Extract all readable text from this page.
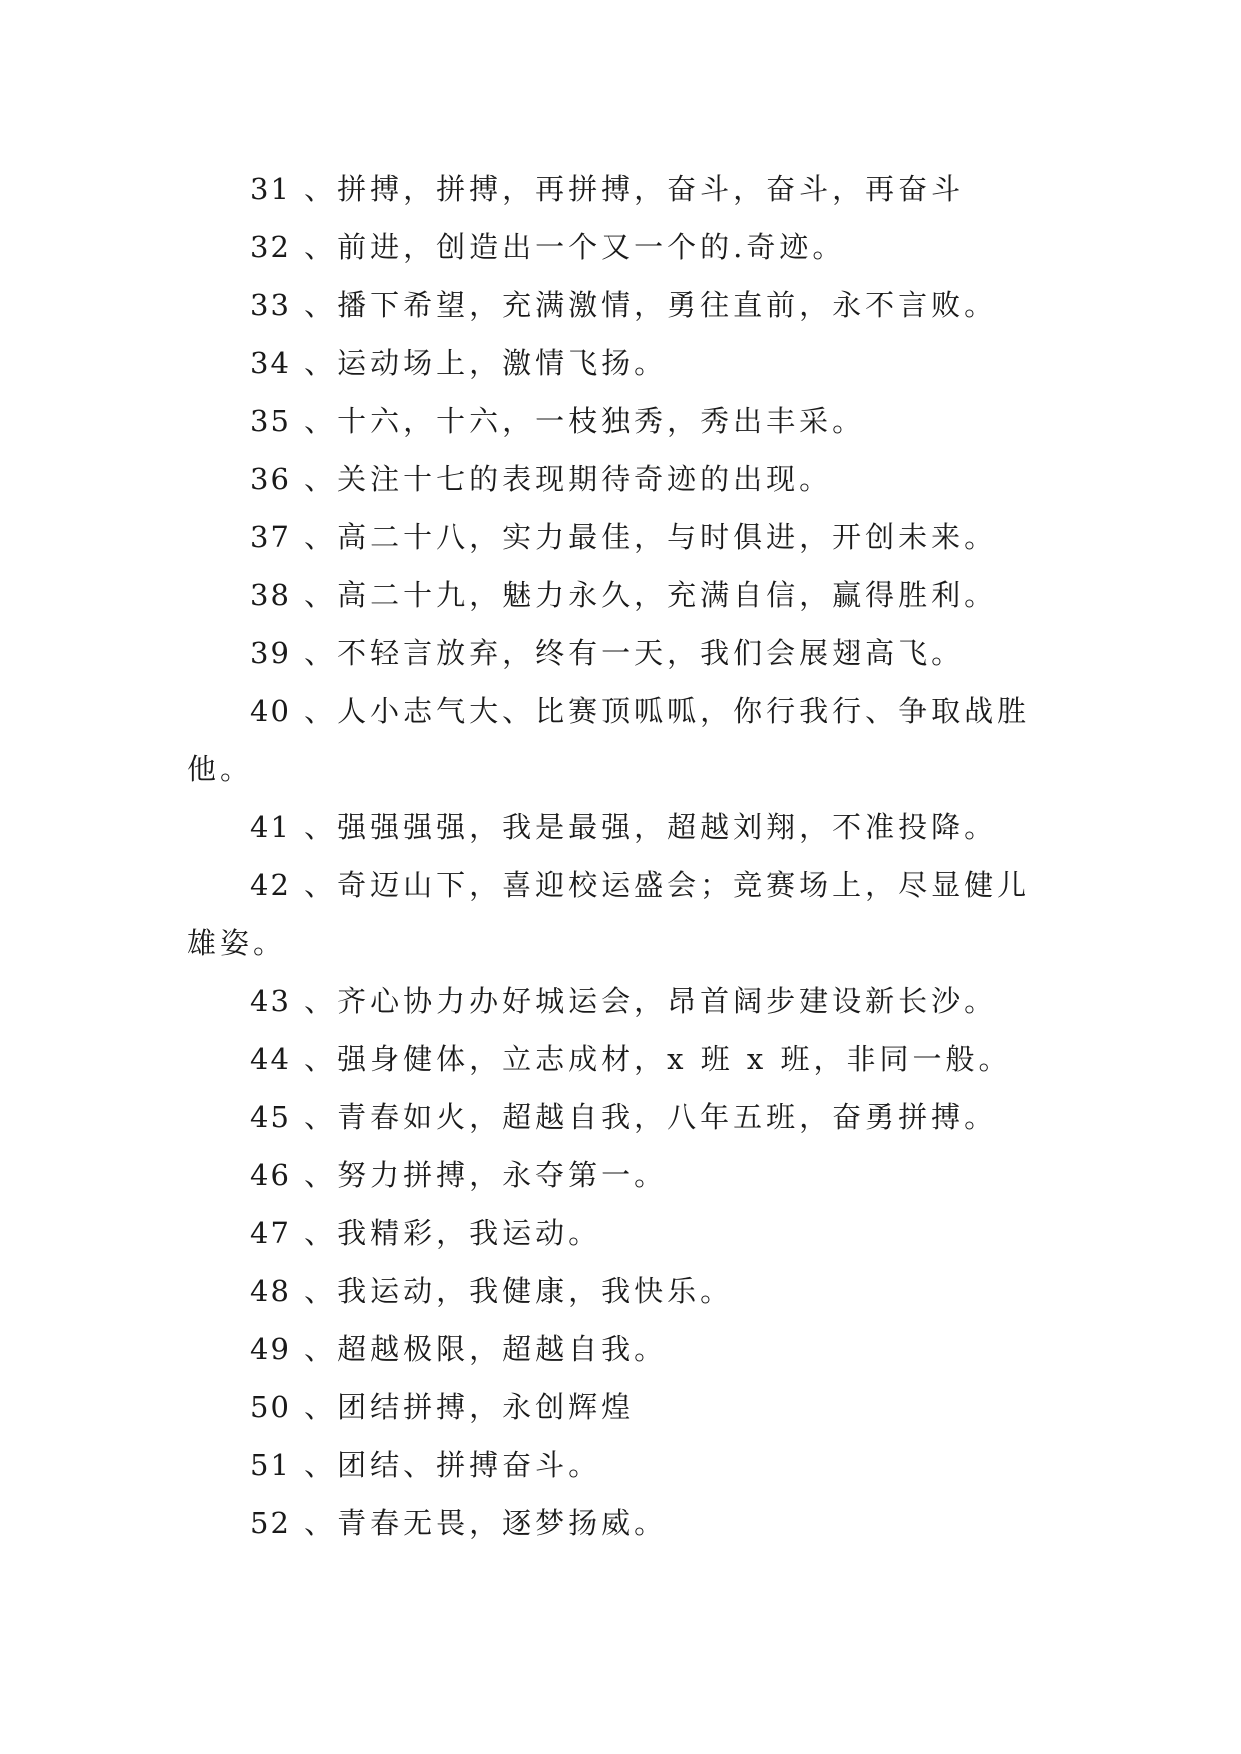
31 、拼搏，拼搏，再拼搏，奋斗，奋斗，再奋斗

32 、前进，创造出一个又一个的.奇迹。

33 、播下希望，充满激情，勇往直前，永不言败。

34 、运动场上，激情飞扬。

35 、十六，十六，一枝独秀，秀出丰采。

36 、关注十七的表现期待奇迹的出现。

37 、高二十八，实力最佳，与时俱进，开创未来。

38 、高二十九，魅力永久，充满自信，赢得胜利。

39 、不轻言放弃，终有一天，我们会展翅高飞。

40 、人小志气大、比赛顶呱呱，你行我行、争取战胜他。

41 、强强强强，我是最强，超越刘翔，不准投降。

42 、奇迈山下，喜迎校运盛会；竞赛场上，尽显健儿雄姿。

43 、齐心协力办好城运会，昂首阔步建设新长沙。

44 、强身健体，立志成材，x 班 x 班，非同一般。

45 、青春如火，超越自我，八年五班，奋勇拼搏。

46 、努力拼搏，永夺第一。

47 、我精彩，我运动。

48 、我运动，我健康，我快乐。

49 、超越极限，超越自我。

50 、团结拼搏，永创辉煌

51 、团结、拼搏奋斗。

52 、青春无畏，逐梦扬威。
